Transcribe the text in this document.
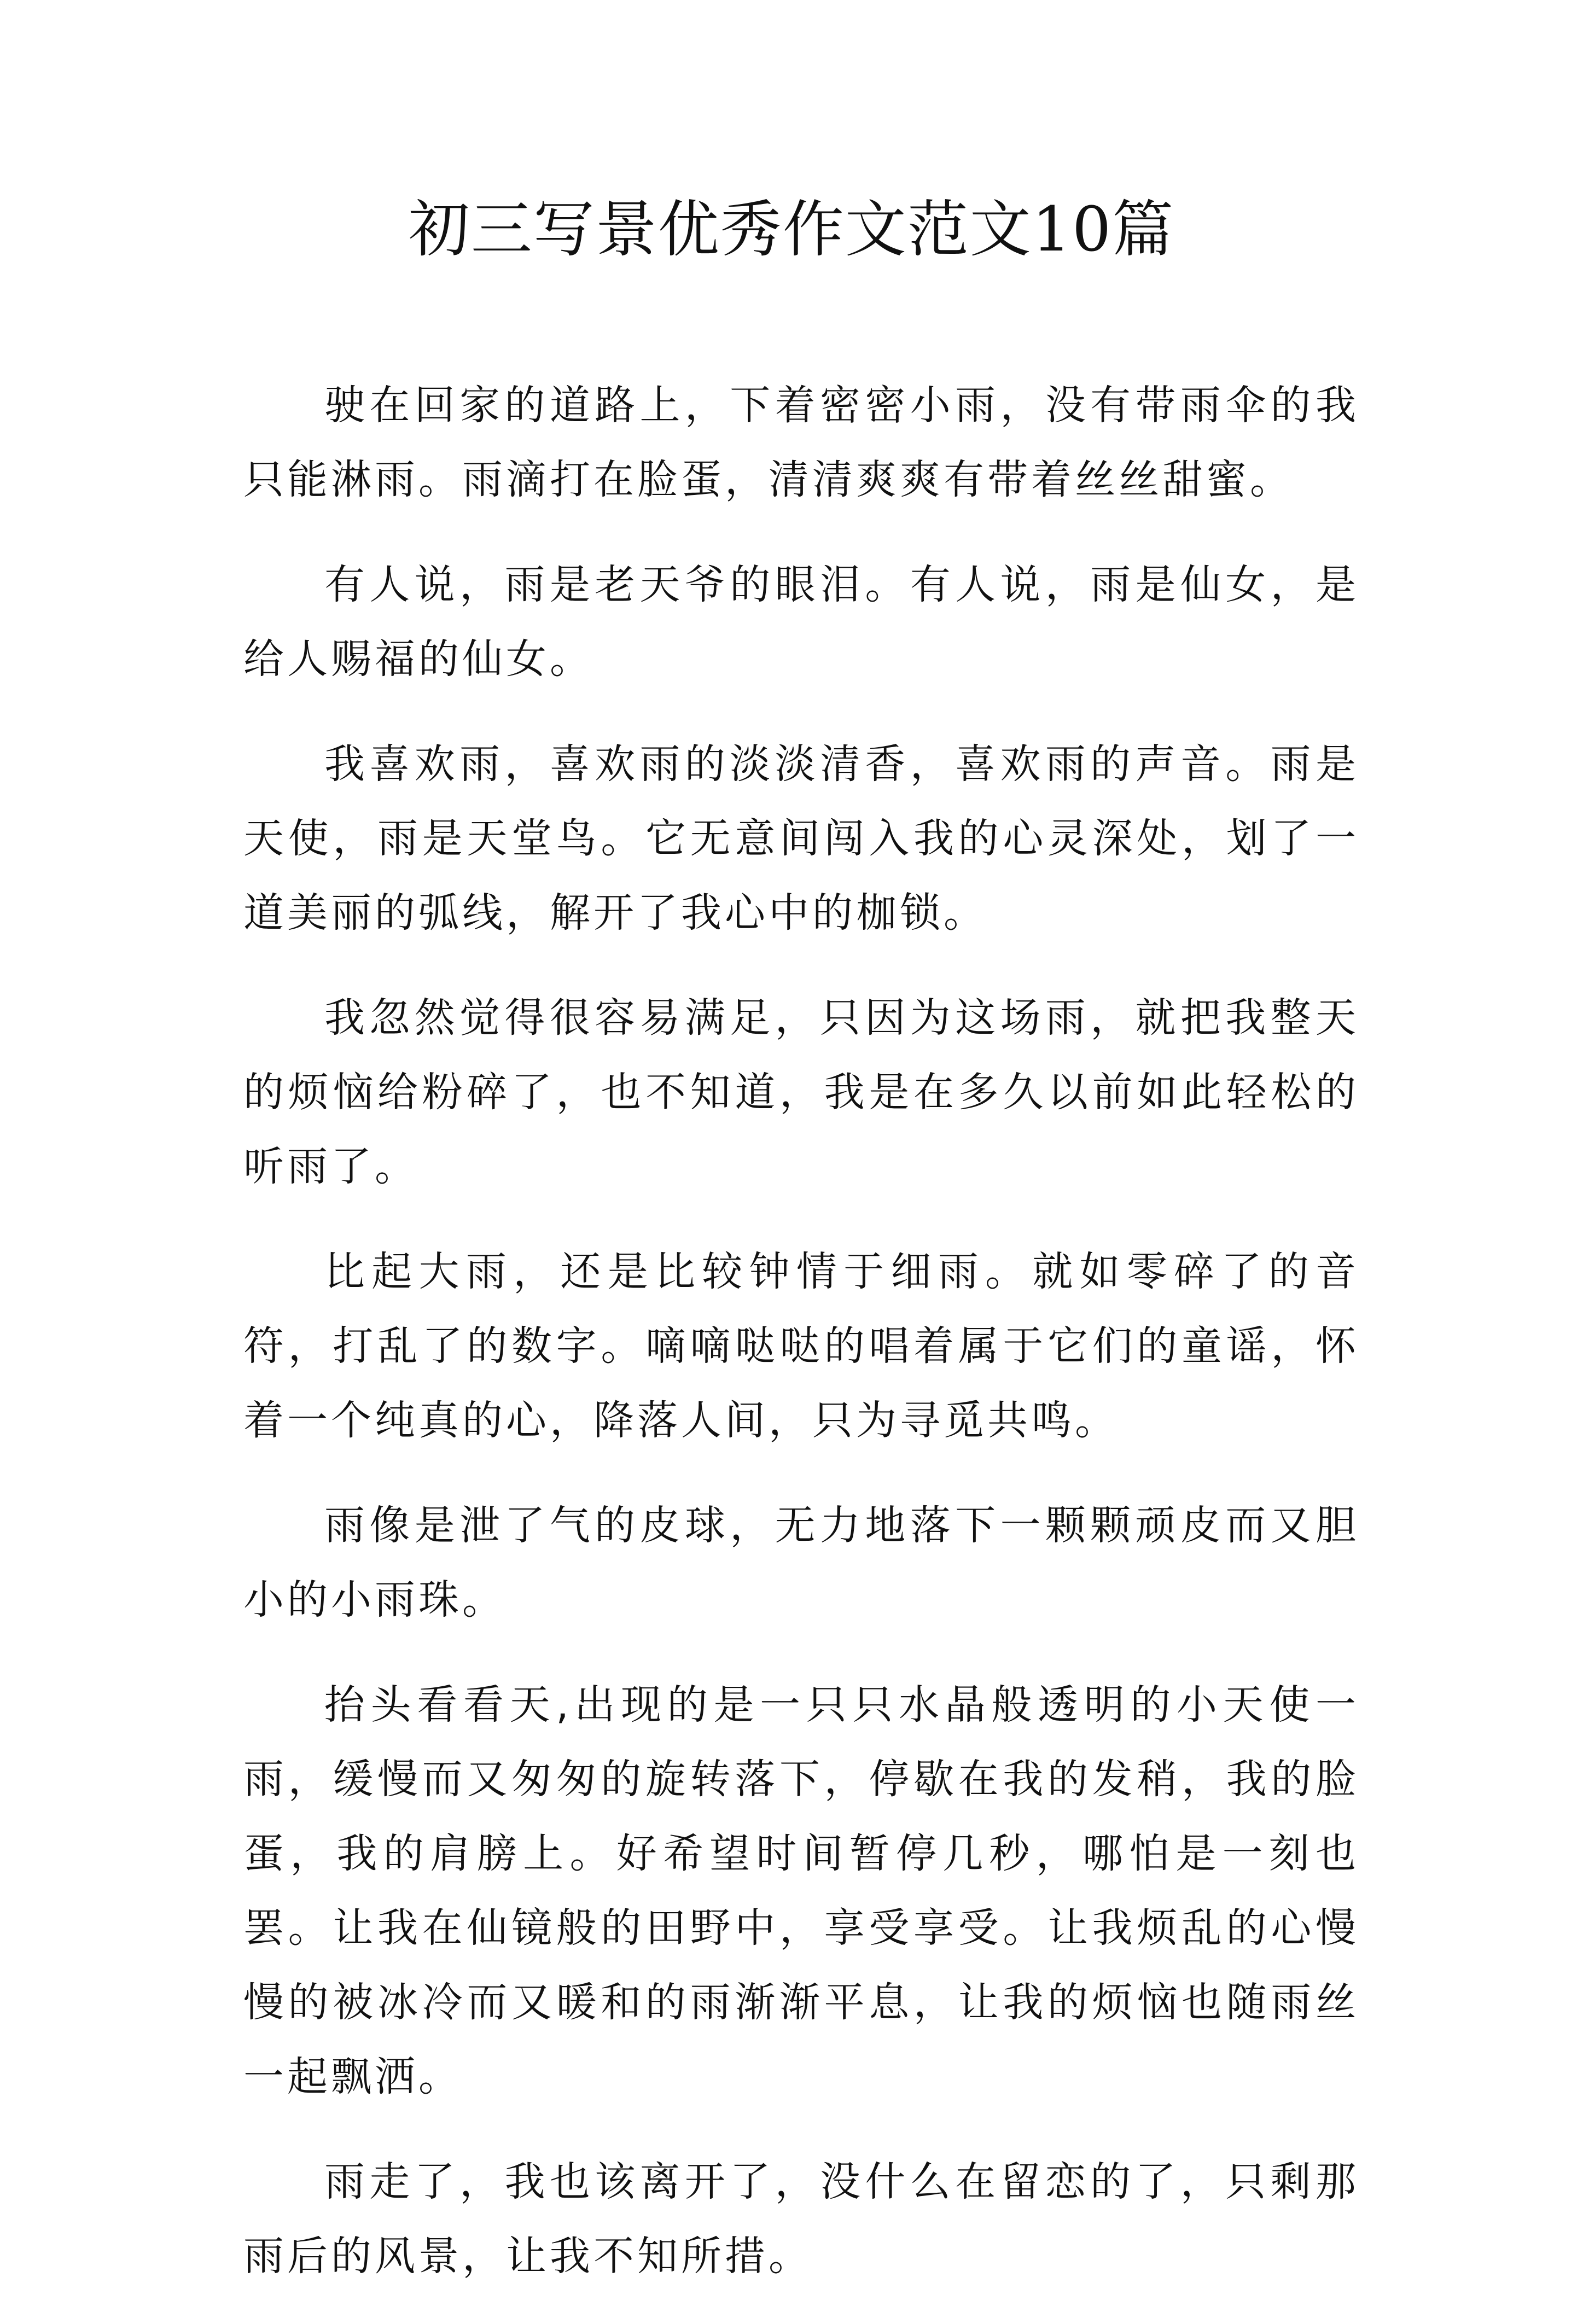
初三写景优秀作文范文10篇

驶在回家的道路上，下着密密小雨，没有带雨伞的我只能淋雨。雨滴打在脸蛋，清清爽爽有带着丝丝甜蜜。

有人说，雨是老天爷的眼泪。有人说，雨是仙女，是给人赐福的仙女。

我喜欢雨，喜欢雨的淡淡清香，喜欢雨的声音。雨是天使，雨是天堂鸟。它无意间闯入我的心灵深处，划了一道美丽的弧线，解开了我心中的枷锁。

我忽然觉得很容易满足，只因为这场雨，就把我整天的烦恼给粉碎了，也不知道，我是在多久以前如此轻松的听雨了。

比起大雨，还是比较钟情于细雨。就如零碎了的音符，打乱了的数字。嘀嘀哒哒的唱着属于它们的童谣，怀着一个纯真的心，降落人间，只为寻觅共鸣。

雨像是泄了气的皮球，无力地落下一颗颗顽皮而又胆小的小雨珠。

抬头看看天,出现的是一只只水晶般透明的小天使一雨，缓慢而又匆匆的旋转落下，停歇在我的发稍，我的脸蛋，我的肩膀上。好希望时间暂停几秒，哪怕是一刻也罢。让我在仙镜般的田野中，享受享受。让我烦乱的心慢慢的被冰冷而又暖和的雨渐渐平息，让我的烦恼也随雨丝一起飘洒。

雨走了，我也该离开了，没什么在留恋的了，只剩那雨后的风景，让我不知所措。
